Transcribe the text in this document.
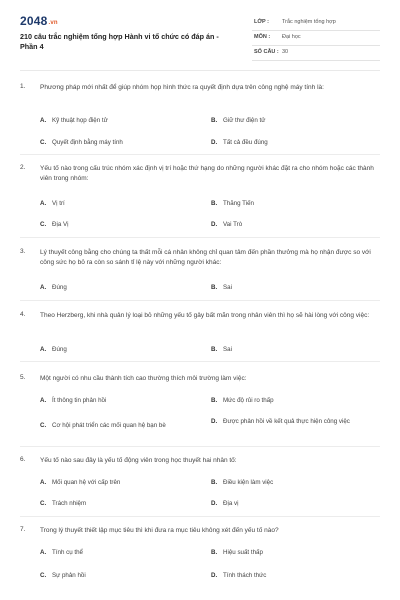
2048.vn
210 câu trắc nghiệm tổng hợp Hành vi tổ chức có đáp án - Phần 4
LỚP : Trắc nghiệm tổng hợp
MÔN : Đại học
SỐ CÂU : 30
1. Phương pháp mới nhất để giúp nhóm họp hình thức ra quyết định dựa trên công nghệ máy tính là:
A. Kỹ thuật họp điện tử	B. Giữ thư điện tử
C. Quyết định bằng máy tính	D. Tất cả đều đúng
2. Yếu tố nào trong cấu trúc nhóm xác định vị trí hoặc thứ hạng do những người khác đặt ra cho nhóm hoặc các thành viên trong nhóm:
A. Vị trí	B. Thăng Tiến
C. Địa Vị	D. Vai Trò
3. Lý thuyết công bằng cho chúng ta thất mỗi cá nhân không chỉ quan tâm đến phần thưởng mà họ nhận được so với công sức họ bỏ ra còn so sánh tỉ lệ này với những người khác:
A. Đúng	B. Sai
4. Theo Herzberg, khi nhà quản lý loại bỏ những yếu tố gây bất mãn trong nhân viên thì họ sẽ hài lòng với công việc:
A. Đúng	B. Sai
5. Một người có nhu cầu thành tích cao thường thích môi trường làm việc:
A. Ít thông tin phản hồi	B. Mức độ rủi ro thấp
C. Cơ hội phát triển các mối quan hệ bạn bè
D. Được phản hồi về kết quả thực hiện công việc
6. Yếu tố nào sau đây là yếu tố động viên trong học thuyết hai nhân tố:
A. Mối quan hệ với cấp trên	B. Điều kiện làm việc
C. Trách nhiệm	D. Địa vị
7. Trong lý thuyết thiết lập mục tiêu thì khi đưa ra mục tiêu không xét đến yếu tố nào?
A. Tính cụ thể	B. Hiệu suất thấp
C. Sự phản hồi	D. Tính thách thức
